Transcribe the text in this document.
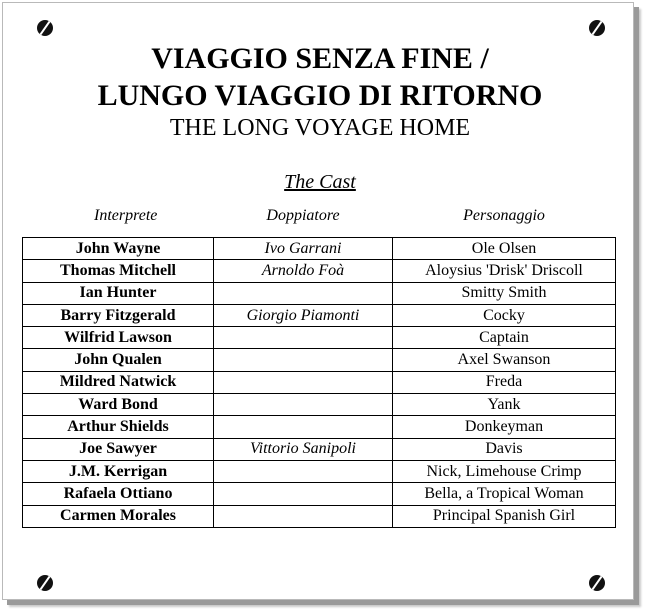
VIAGGIO SENZA FINE /
LUNGO VIAGGIO DI RITORNO
THE LONG VOYAGE HOME
The Cast
Interprete	Doppiatore	Personaggio
John Wayne	Ivo Garrani	Ole Olsen
Thomas Mitchell	Arnoldo Foà	Aloysius 'Drisk' Driscoll
Ian Hunter		Smitty Smith
Barry Fitzgerald	Giorgio Piamonti	Cocky
Wilfrid Lawson		Captain
John Qualen		Axel Swanson
Mildred Natwick		Freda
Ward Bond		Yank
Arthur Shields		Donkeyman
Joe Sawyer	Vittorio Sanipoli	Davis
J.M. Kerrigan		Nick, Limehouse Crimp
Rafaela Ottiano		Bella, a Tropical Woman
Carmen Morales		Principal Spanish Girl
